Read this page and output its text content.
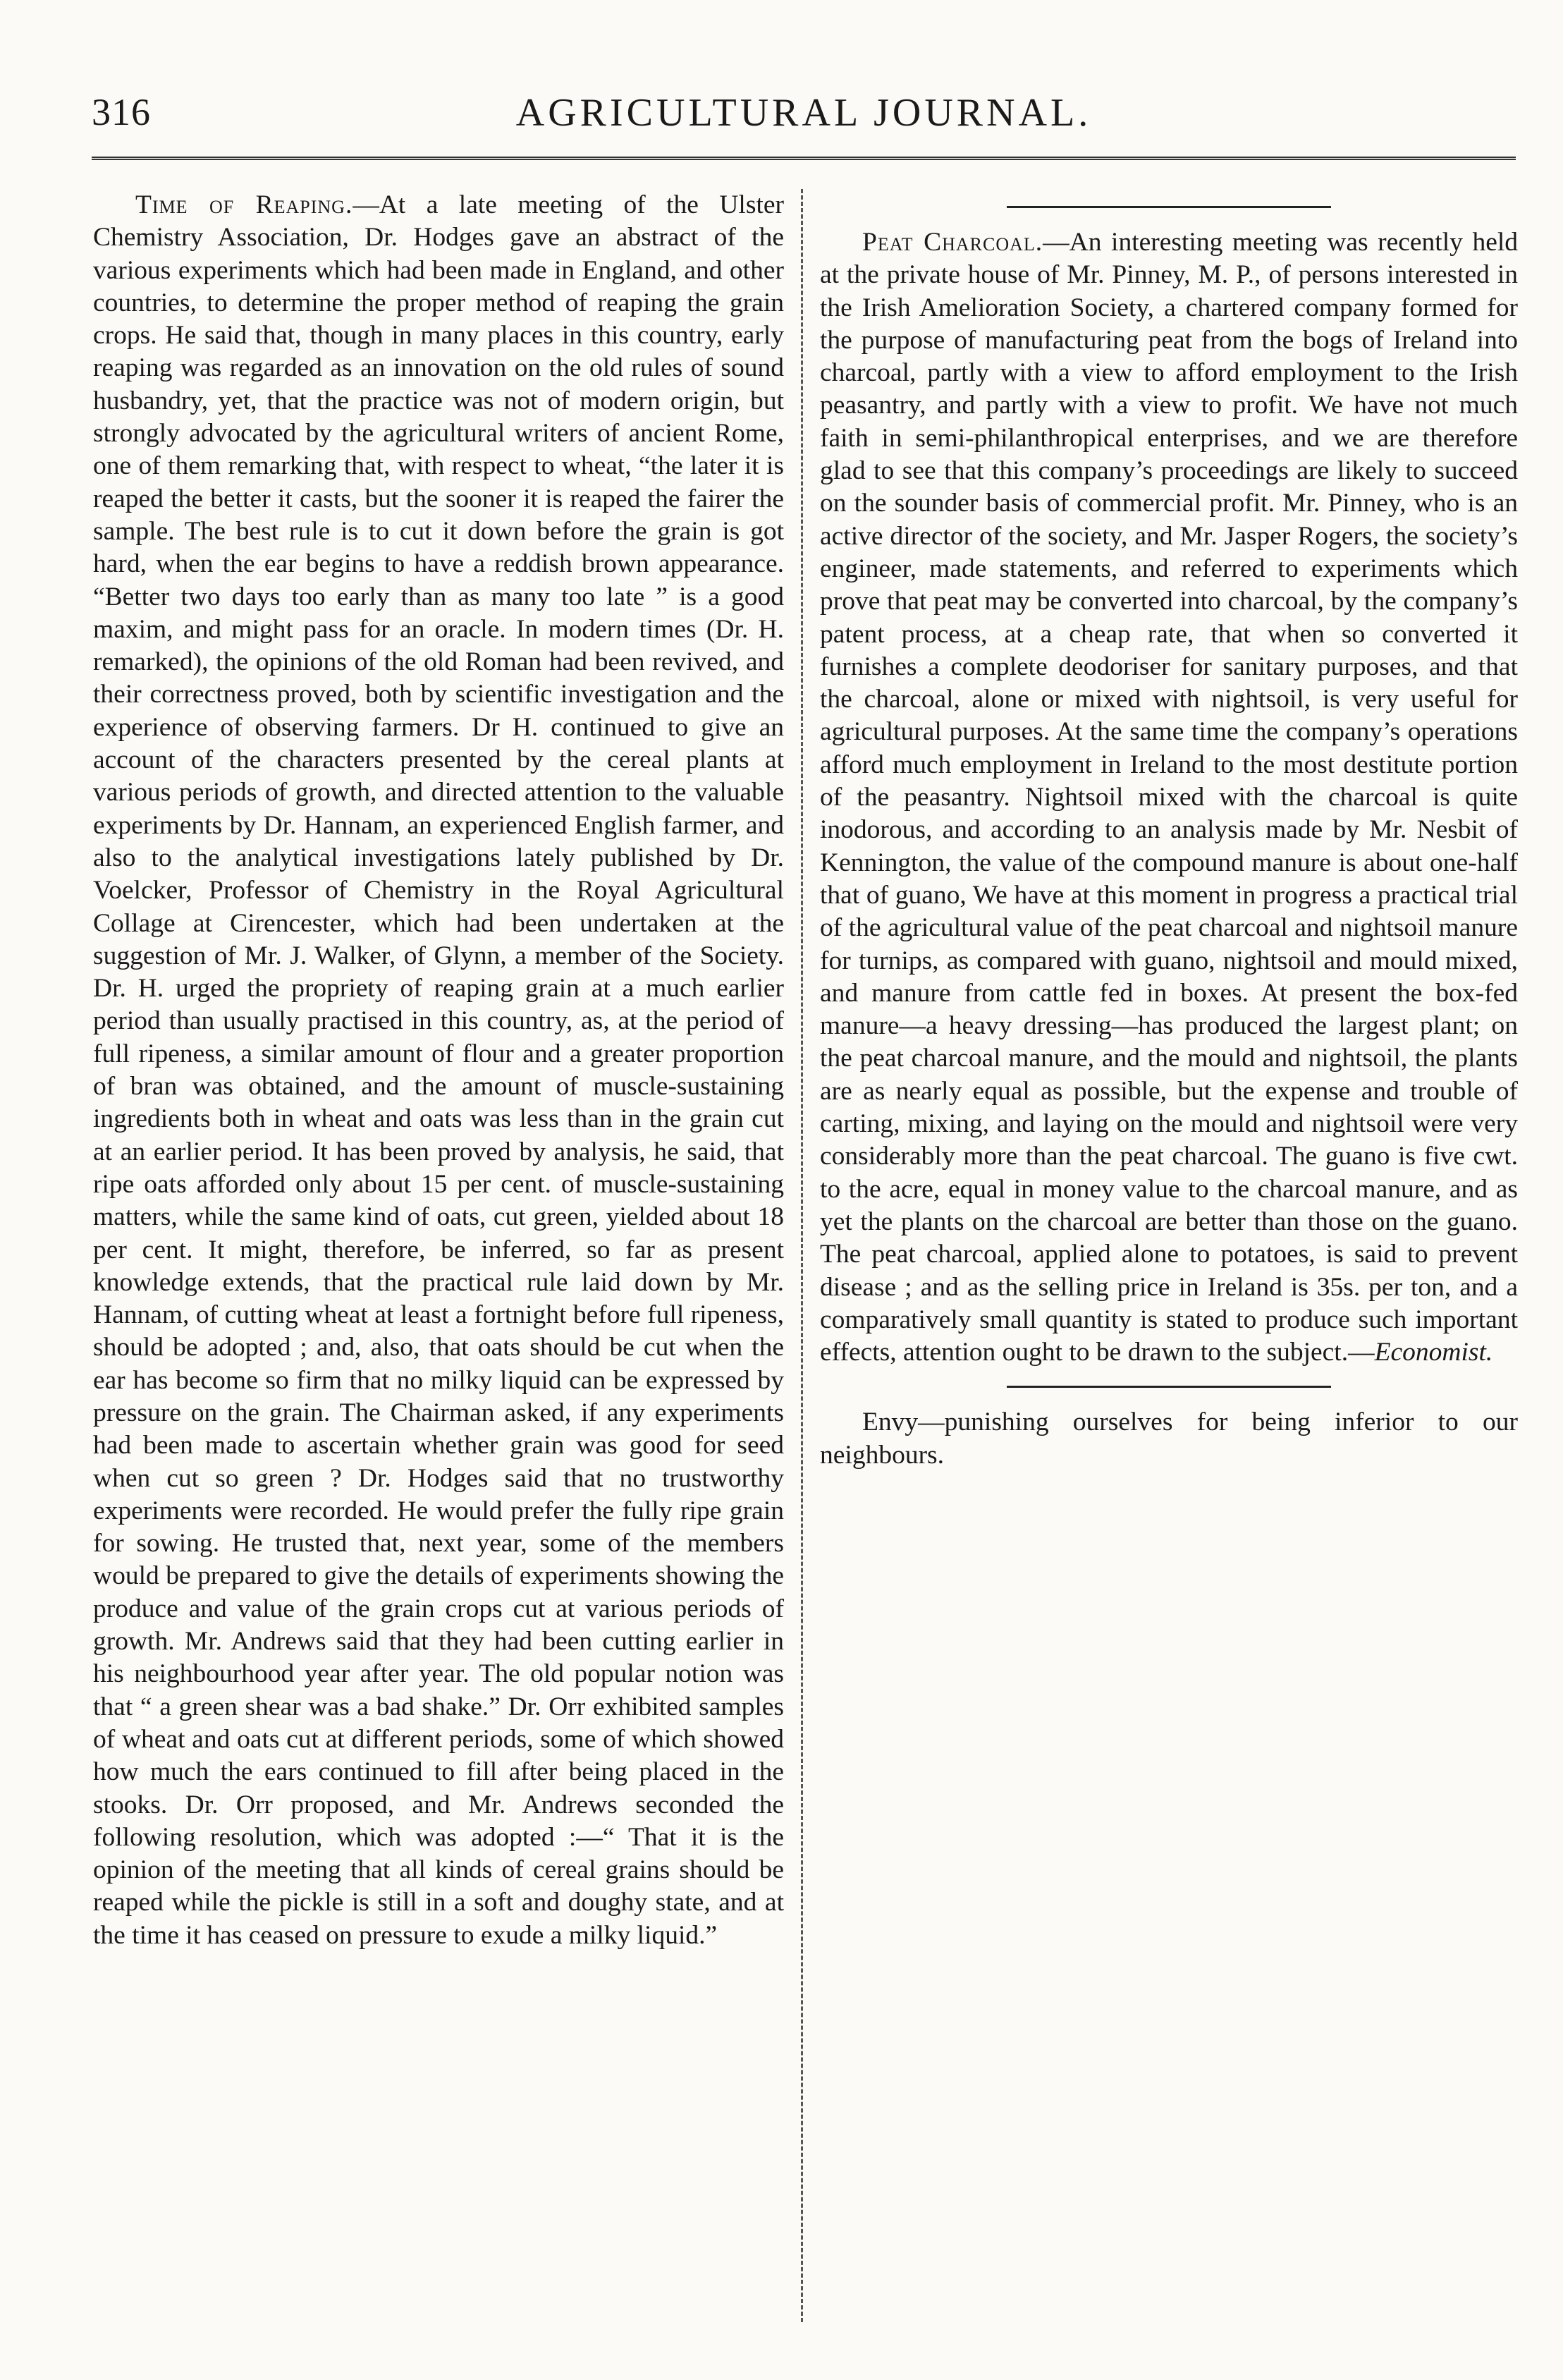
316	AGRICULTURAL JOURNAL.

Time of Reaping.—At a late meeting of the Ulster Chemistry Association, Dr. Hodges gave an abstract of the various experiments which had been made in England, and other countries, to determine the proper method of reaping the grain crops. He said that, though in many places in this country, early reaping was regarded as an innovation on the old rules of sound husbandry, yet, that the practice was not of modern origin, but strongly advocated by the agricultural writers of ancient Rome, one of them remarking that, with respect to wheat, “the later it is reaped the better it casts, but the sooner it is reaped the fairer the sample. The best rule is to cut it down before the grain is got hard, when the ear begins to have a reddish brown appearance. “Better two days too early than as many too late ” is a good maxim, and might pass for an oracle. In modern times (Dr. H. remarked), the opinions of the old Roman had been revived, and their correctness proved, both by scientific investigation and the experience of observing farmers. Dr H. continued to give an account of the characters presented by the cereal plants at various periods of growth, and directed attention to the valuable experiments by Dr. Hannam, an experienced English farmer, and also to the analytical investigations lately published by Dr. Voelcker, Professor of Chemistry in the Royal Agricultural Collage at Cirencester, which had been undertaken at the suggestion of Mr. J. Walker, of Glynn, a member of the Society. Dr. H. urged the propriety of reaping grain at a much earlier period than usually practised in this country, as, at the period of full ripeness, a similar amount of flour and a greater proportion of bran was obtained, and the amount of muscle-sustaining ingredients both in wheat and oats was less than in the grain cut at an earlier period. It has been proved by analysis, he said, that ripe oats afforded only about 15 per cent. of muscle-sustaining matters, while the same kind of oats, cut green, yielded about 18 per cent. It might, therefore, be inferred, so far as present knowledge extends, that the practical rule laid down by Mr. Hannam, of cutting wheat at least a fortnight before full ripeness, should be adopted ; and, also, that oats should be cut when the ear has become so firm that no milky liquid can be expressed by pressure on the grain. The Chairman asked, if any experiments had been made to ascertain whether grain was good for seed when cut so green ? Dr. Hodges said that no trustworthy experiments were recorded. He would prefer the fully ripe grain for sowing. He trusted that, next year, some of the members would be prepared to give the details of experiments showing the produce and value of the grain crops cut at various periods of growth. Mr. Andrews said that they had been cutting earlier in his neighbourhood year after year. The old popular notion was that “ a green shear was a bad shake.” Dr. Orr exhibited samples of wheat and oats cut at different periods, some of which showed how much the ears continued to fill after being placed in the stooks. Dr. Orr proposed, and Mr. Andrews seconded the following resolution, which was adopted :—“ That it is the opinion of the meeting that all kinds of cereal grains should be reaped while the pickle is still in a soft and doughy state, and at the time it has ceased on pressure to exude a milky liquid.”

Peat Charcoal.—An interesting meeting was recently held at the private house of Mr. Pinney, M. P., of persons interested in the Irish Amelioration Society, a chartered company formed for the purpose of manufacturing peat from the bogs of Ireland into charcoal, partly with a view to afford employment to the Irish peasantry, and partly with a view to profit. We have not much faith in semi-philanthropical enterprises, and we are therefore glad to see that this company’s proceedings are likely to succeed on the sounder basis of commercial profit. Mr. Pinney, who is an active director of the society, and Mr. Jasper Rogers, the society’s engineer, made statements, and referred to experiments which prove that peat may be converted into charcoal, by the company’s patent process, at a cheap rate, that when so converted it furnishes a complete deodoriser for sanitary purposes, and that the charcoal, alone or mixed with nightsoil, is very useful for agricultural purposes. At the same time the company’s operations afford much employment in Ireland to the most destitute portion of the peasantry. Nightsoil mixed with the charcoal is quite inodorous, and according to an analysis made by Mr. Nesbit of Kennington, the value of the compound manure is about one-half that of guano, We have at this moment in progress a practical trial of the agricultural value of the peat charcoal and nightsoil manure for turnips, as compared with guano, nightsoil and mould mixed, and manure from cattle fed in boxes. At present the box-fed manure—a heavy dressing—has produced the largest plant; on the peat charcoal manure, and the mould and nightsoil, the plants are as nearly equal as possible, but the expense and trouble of carting, mixing, and laying on the mould and nightsoil were very considerably more than the peat charcoal. The guano is five cwt. to the acre, equal in money value to the charcoal manure, and as yet the plants on the charcoal are better than those on the guano. The peat charcoal, applied alone to potatoes, is said to prevent disease ; and as the selling price in Ireland is 35s. per ton, and a comparatively small quantity is stated to produce such important effects, attention ought to be drawn to the subject.—Economist.

Envy—punishing ourselves for being inferior to our neighbours.
